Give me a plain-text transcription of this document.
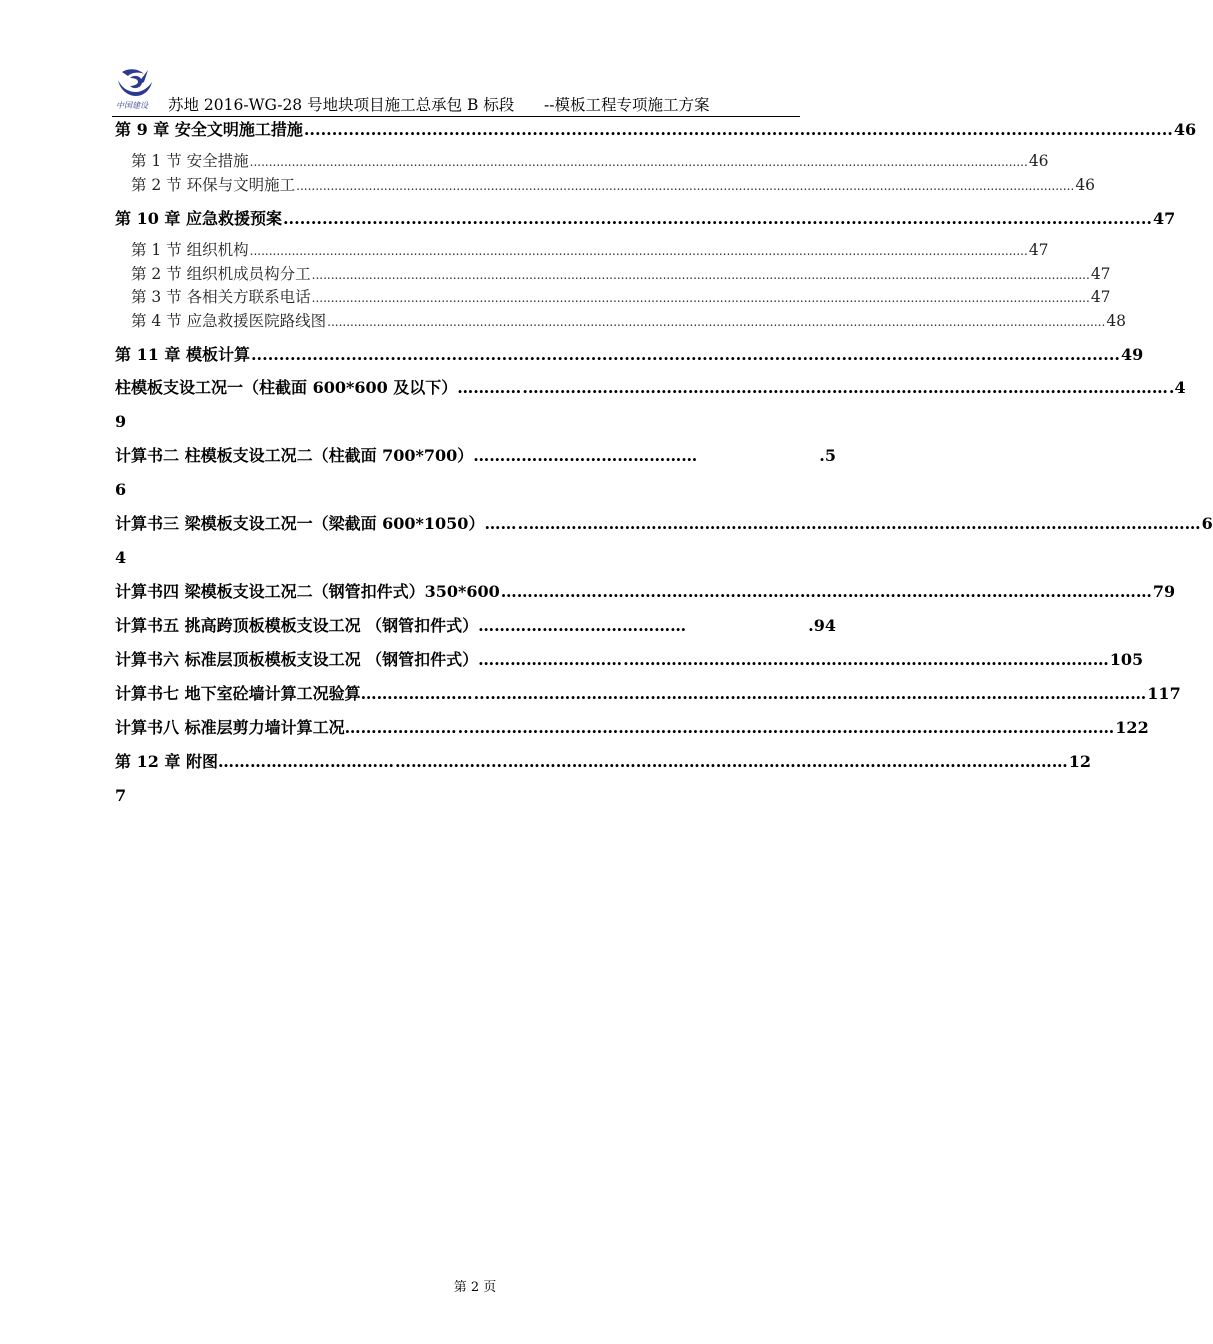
中国建设 苏地 2016-WG-28 号地块项目施工总承包 B 标段 --模板工程专项施工方案
第 9 章 安全文明施工措施 ............................................................................................................................................................ 46
第 1 节 安全措施 ............................................................................................................................................................................................................ 46
第 2 节 环保与文明施工 ............................................................................................................................................................................................................ 46
第 10 章 应急救援预案 ............................................................................................................................................................ 47
第 1 节 组织机构 ............................................................................................................................................................................................................ 47
第 2 节 组织机成员构分工 ............................................................................................................................................................................................................ 47
第 3 节 各相关方联系电话 ............................................................................................................................................................................................................ 47
第 4 节 应急救援医院路线图 ............................................................................................................................................................................................................ 48
第 11 章 模板计算 ............................................................................................................................................................ 49
柱模板支设工况一（柱截面 600*600 及以下）………… .………………………………………………………………………………………………………… .4
9
计算书二 柱模板支设工况二（柱截面 700*700）……………………………………	.5
6
计算书三 梁模板支设工况一（梁截面 600*1050）…… ..……………………………………………………………………………………………………………… 6
4
计算书四 梁模板支设工况二（钢管扣件式）350*600 ………………..………………………………………………………………………………………… 79
计算书五 挑高跨顶板模板支设工况 （钢管扣件式）…………………………………	.94
计算书六 标准层顶板模板支设工况 （钢管扣件式）……………………… .……………………………………………………………………………… 105
计算书七 地下室砼墙计算工况验算………………… ...…………………………………………………………………………………………………………… 117
计算书八 标准层剪力墙计算工况………………… ...………………………………………………………………………………………………………… 122
第 12 章 附图…………………………… ………………...…………………………………………………………………………………………… 12
7
第 2 页
